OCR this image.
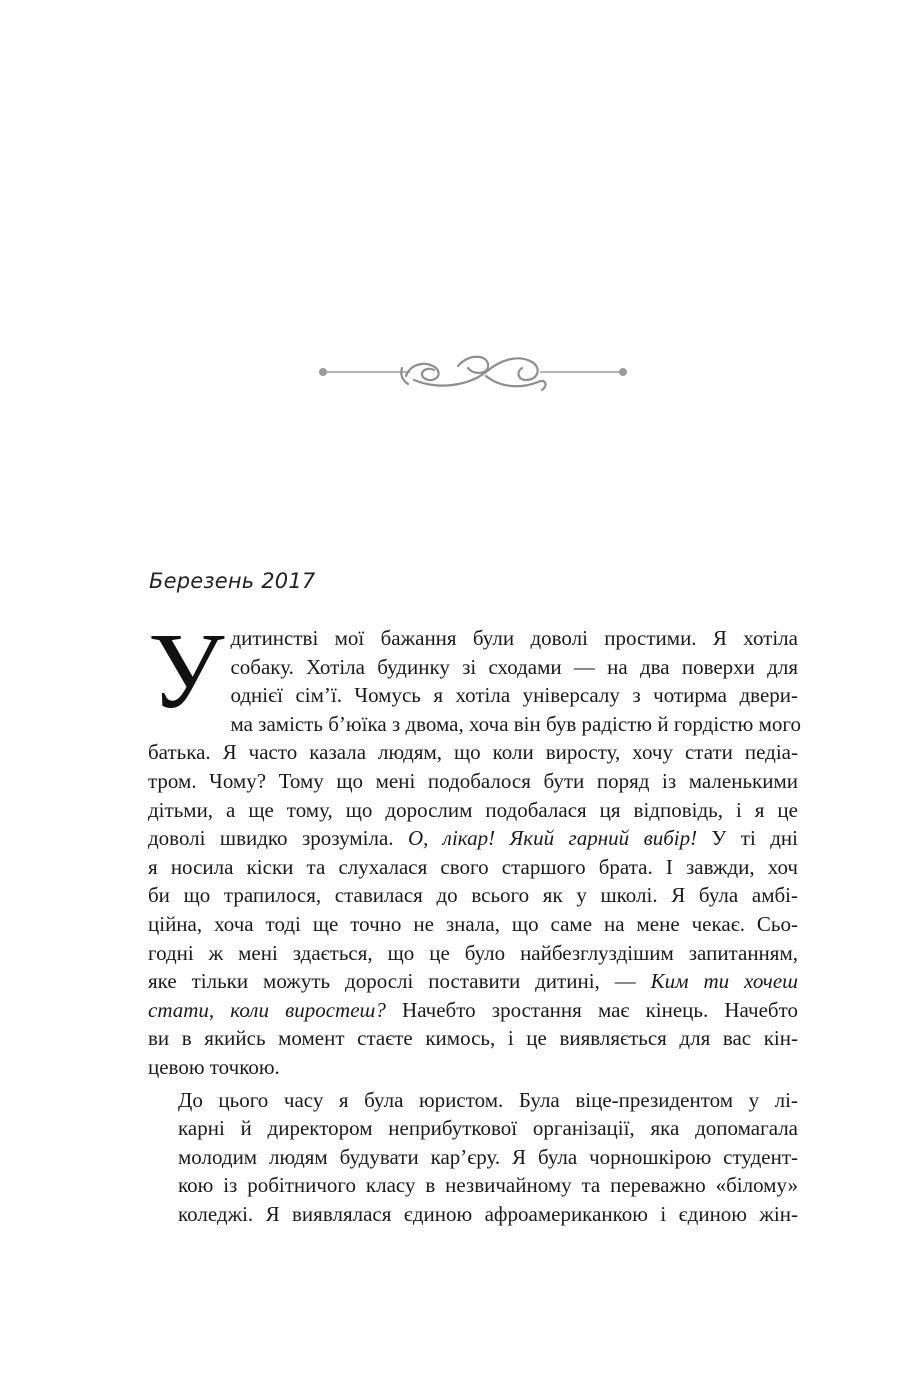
Березень 2017

У дитинстві мої бажання були доволі простими. Я хотіла
собаку. Хотіла будинку зі сходами — на два поверхи для
однієї сім’ї. Чомусь я хотіла універсалу з чотирма двери-
ма замість б’юїка з двома, хоча він був радістю й гордістю мого
батька. Я часто казала людям, що коли виросту, хочу стати педіа-
тром. Чому? Тому що мені подобалося бути поряд із маленькими
дітьми, а ще тому, що дорослим подобалася ця відповідь, і я це
доволі швидко зрозуміла. О, лікар! Який гарний вибір! У ті дні
я носила кіски та слухалася свого старшого брата. І завжди, хоч
би що трапилося, ставилася до всього як у школі. Я була амбі-
ційна, хоча тоді ще точно не знала, що саме на мене чекає. Сьо-
годні ж мені здається, що це було найбезглуздішим запитанням,
яке тільки можуть дорослі поставити дитині, — Ким ти хочеш
стати, коли виростеш? Начебто зростання має кінець. Начебто
ви в якийсь момент стаєте кимось, і це виявляється для вас кін-
цевою точкою.

До цього часу я була юристом. Була віце-президентом у лі-
карні й директором неприбуткової організації, яка допомагала
молодим людям будувати кар’єру. Я була чорношкірою студент-
кою із робітничого класу в незвичайному та переважно «білому»
коледжі. Я виявлялася єдиною афроамериканкою і єдиною жін-
